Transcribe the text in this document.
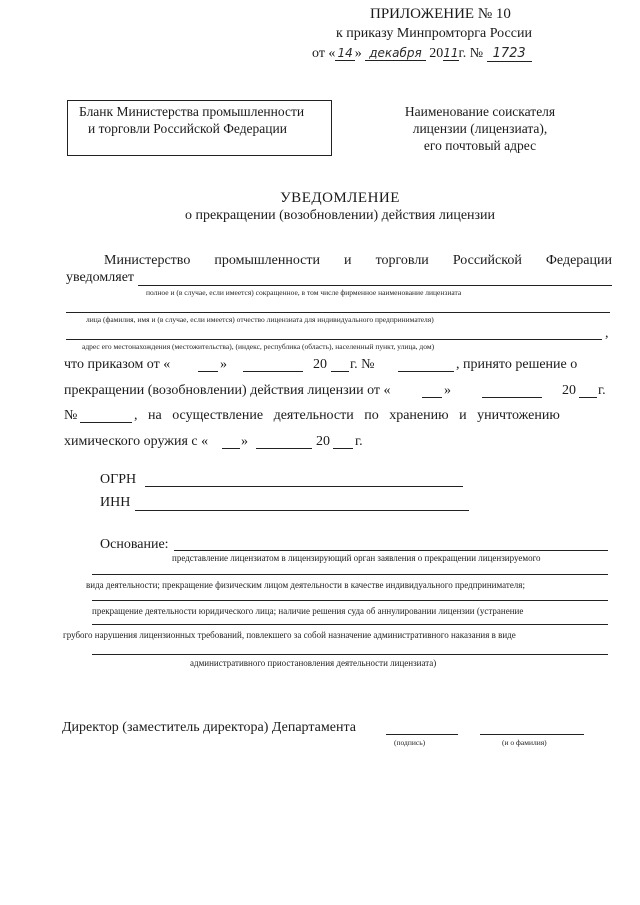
ПРИЛОЖЕНИЕ № 10
к приказу Минпромторга России
от « 14 » декабря 2011г. № 1723
Бланк Министерства промышленности
и торговли Российской Федерации
Наименование соискателя
лицензии (лицензиата),
его почтовый адрес
УВЕДОМЛЕНИЕ
о прекращении (возобновлении) действия лицензии
Министерство промышленности и торговли Российской Федерации
уведомляет
полное и (в случае, если имеется) сокращенное, в том числе фирменное наименование лицензиата
лица (фамилия, имя и (в случае, если имеется) отчество лицензиата для индивидуального предпринимателя)
,
адрес его местонахождения (местожительства), (индекс, республика (область), населенный пункт, улица, дом)
что приказом от «	»	20 г. №	, принято решение о
прекращении (возобновлении) действия лицензии от «	»	20 г.
№	,   на   осуществление   деятельности   по   хранению   и   уничтожению
химического оружия с « »	20 г.
ОГРН
ИНН
Основание:
представление лицензиатом в лицензирующий орган заявления о прекращении лицензируемого
вида деятельности; прекращение физическим лицом деятельности в качестве индивидуального предпринимателя;
прекращение деятельности юридического лица; наличие решения суда об аннулировании лицензии (устранение
грубого нарушения лицензионных требований, повлекшего за собой назначение административного наказания в виде
административного приостановления деятельности лицензиата)
Директор (заместитель директора) Департамента
(подпись)	(и о фамилия)
